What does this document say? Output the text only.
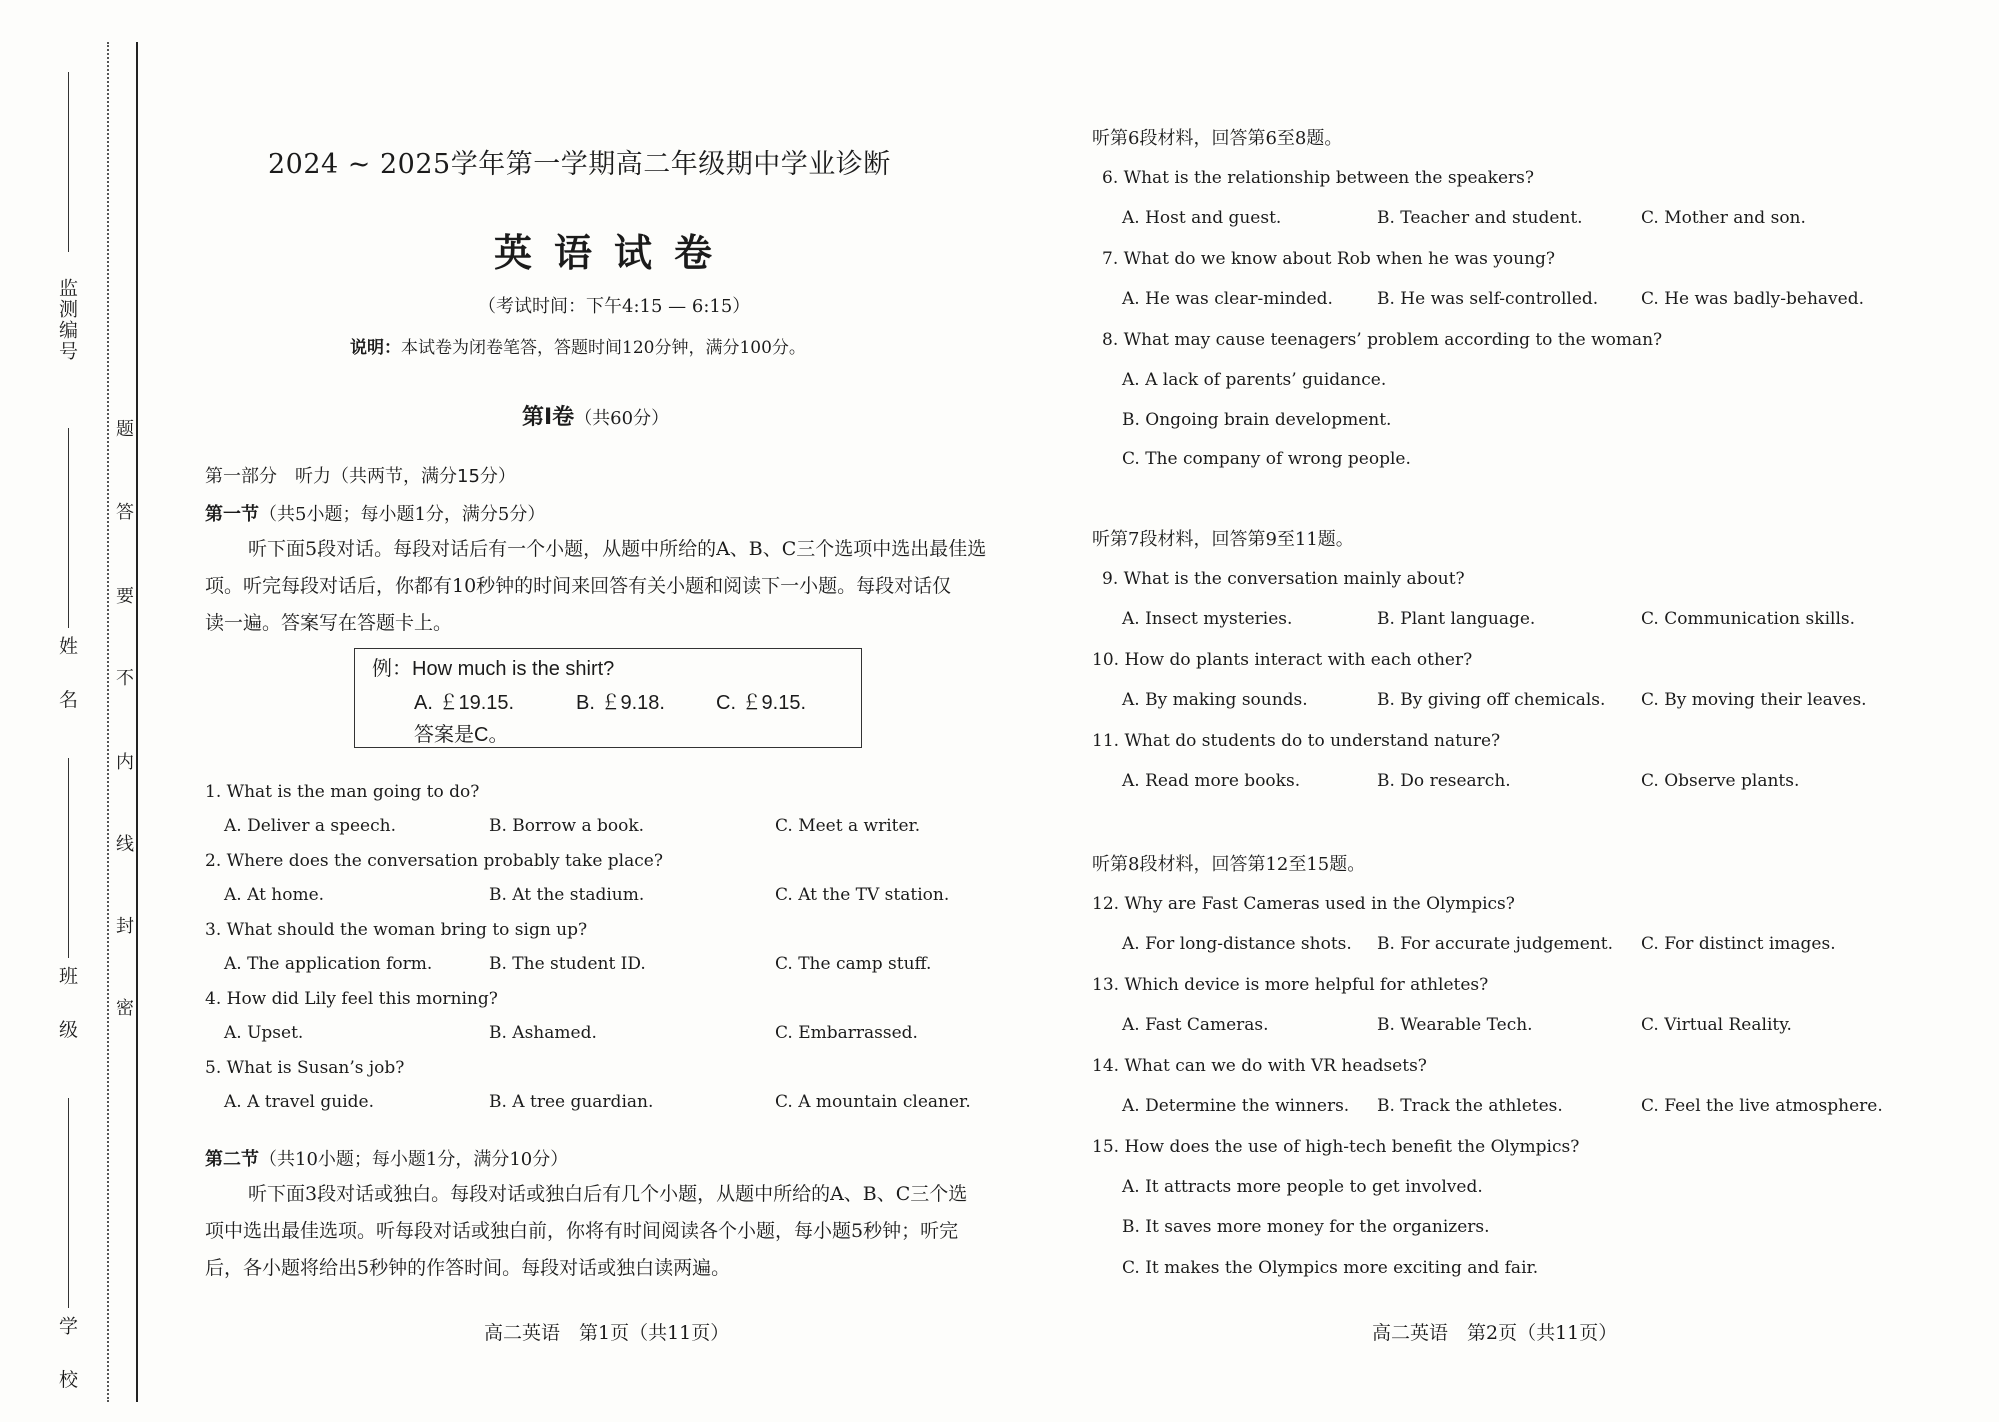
监测编号
姓 名
班 级
学 校
题
答
要
不
内
线
封
密
2024 ~ 2025学年第一学期高二年级期中学业诊断
英语试卷
（考试时间：下午4:15 — 6:15）
说明：本试卷为闭卷笔答，答题时间120分钟，满分100分。
第Ⅰ卷（共60分）
第一部分　听力（共两节，满分15分）
第一节（共5小题；每小题1分，满分5分）
听下面5段对话。每段对话后有一个小题，从题中所给的A、B、C三个选项中选出最佳选
项。听完每段对话后，你都有10秒钟的时间来回答有关小题和阅读下一小题。每段对话仅
读一遍。答案写在答题卡上。
例：How much is the shirt?
A. ￡19.15.	B. ￡9.18.	C. ￡9.15.
答案是C。
1. What is the man going to do?
A. Deliver a speech.	B. Borrow a book.	C. Meet a writer.
2. Where does the conversation probably take place?
A. At home.	B. At the stadium.	C. At the TV station.
3. What should the woman bring to sign up?
A. The application form.	B. The student ID.	C. The camp stuff.
4. How did Lily feel this morning?
A. Upset.	B. Ashamed.	C. Embarrassed.
5. What is Susan’s job?
A. A travel guide.	B. A tree guardian.	C. A mountain cleaner.
第二节（共10小题；每小题1分，满分10分）
听下面3段对话或独白。每段对话或独白后有几个小题，从题中所给的A、B、C三个选
项中选出最佳选项。听每段对话或独白前，你将有时间阅读各个小题，每小题5秒钟；听完
后，各小题将给出5秒钟的作答时间。每段对话或独白读两遍。
高二英语　第1页（共11页）
听第6段材料，回答第6至8题。
6. What is the relationship between the speakers?
A. Host and guest.	B. Teacher and student.	C. Mother and son.
7. What do we know about Rob when he was young?
A. He was clear-minded.	B. He was self-controlled.	C. He was badly-behaved.
8. What may cause teenagers’ problem according to the woman?
A. A lack of parents’ guidance.
B. Ongoing brain development.
C. The company of wrong people.
听第7段材料，回答第9至11题。
9. What is the conversation mainly about?
A. Insect mysteries.	B. Plant language.	C. Communication skills.
10. How do plants interact with each other?
A. By making sounds.	B. By giving off chemicals. C. By moving their leaves.
11. What do students do to understand nature?
A. Read more books.	B. Do research.	C. Observe plants.
听第8段材料，回答第12至15题。
12. Why are Fast Cameras used in the Olympics?
A. For long-distance shots. B. For accurate judgement. C. For distinct images.
13. Which device is more helpful for athletes?
A. Fast Cameras.	B. Wearable Tech.	C. Virtual Reality.
14. What can we do with VR headsets?
A. Determine the winners. B. Track the athletes.	C. Feel the live atmosphere.
15. How does the use of high-tech benefit the Olympics?
A. It attracts more people to get involved.
B. It saves more money for the organizers.
C. It makes the Olympics more exciting and fair.
高二英语　第2页（共11页）
